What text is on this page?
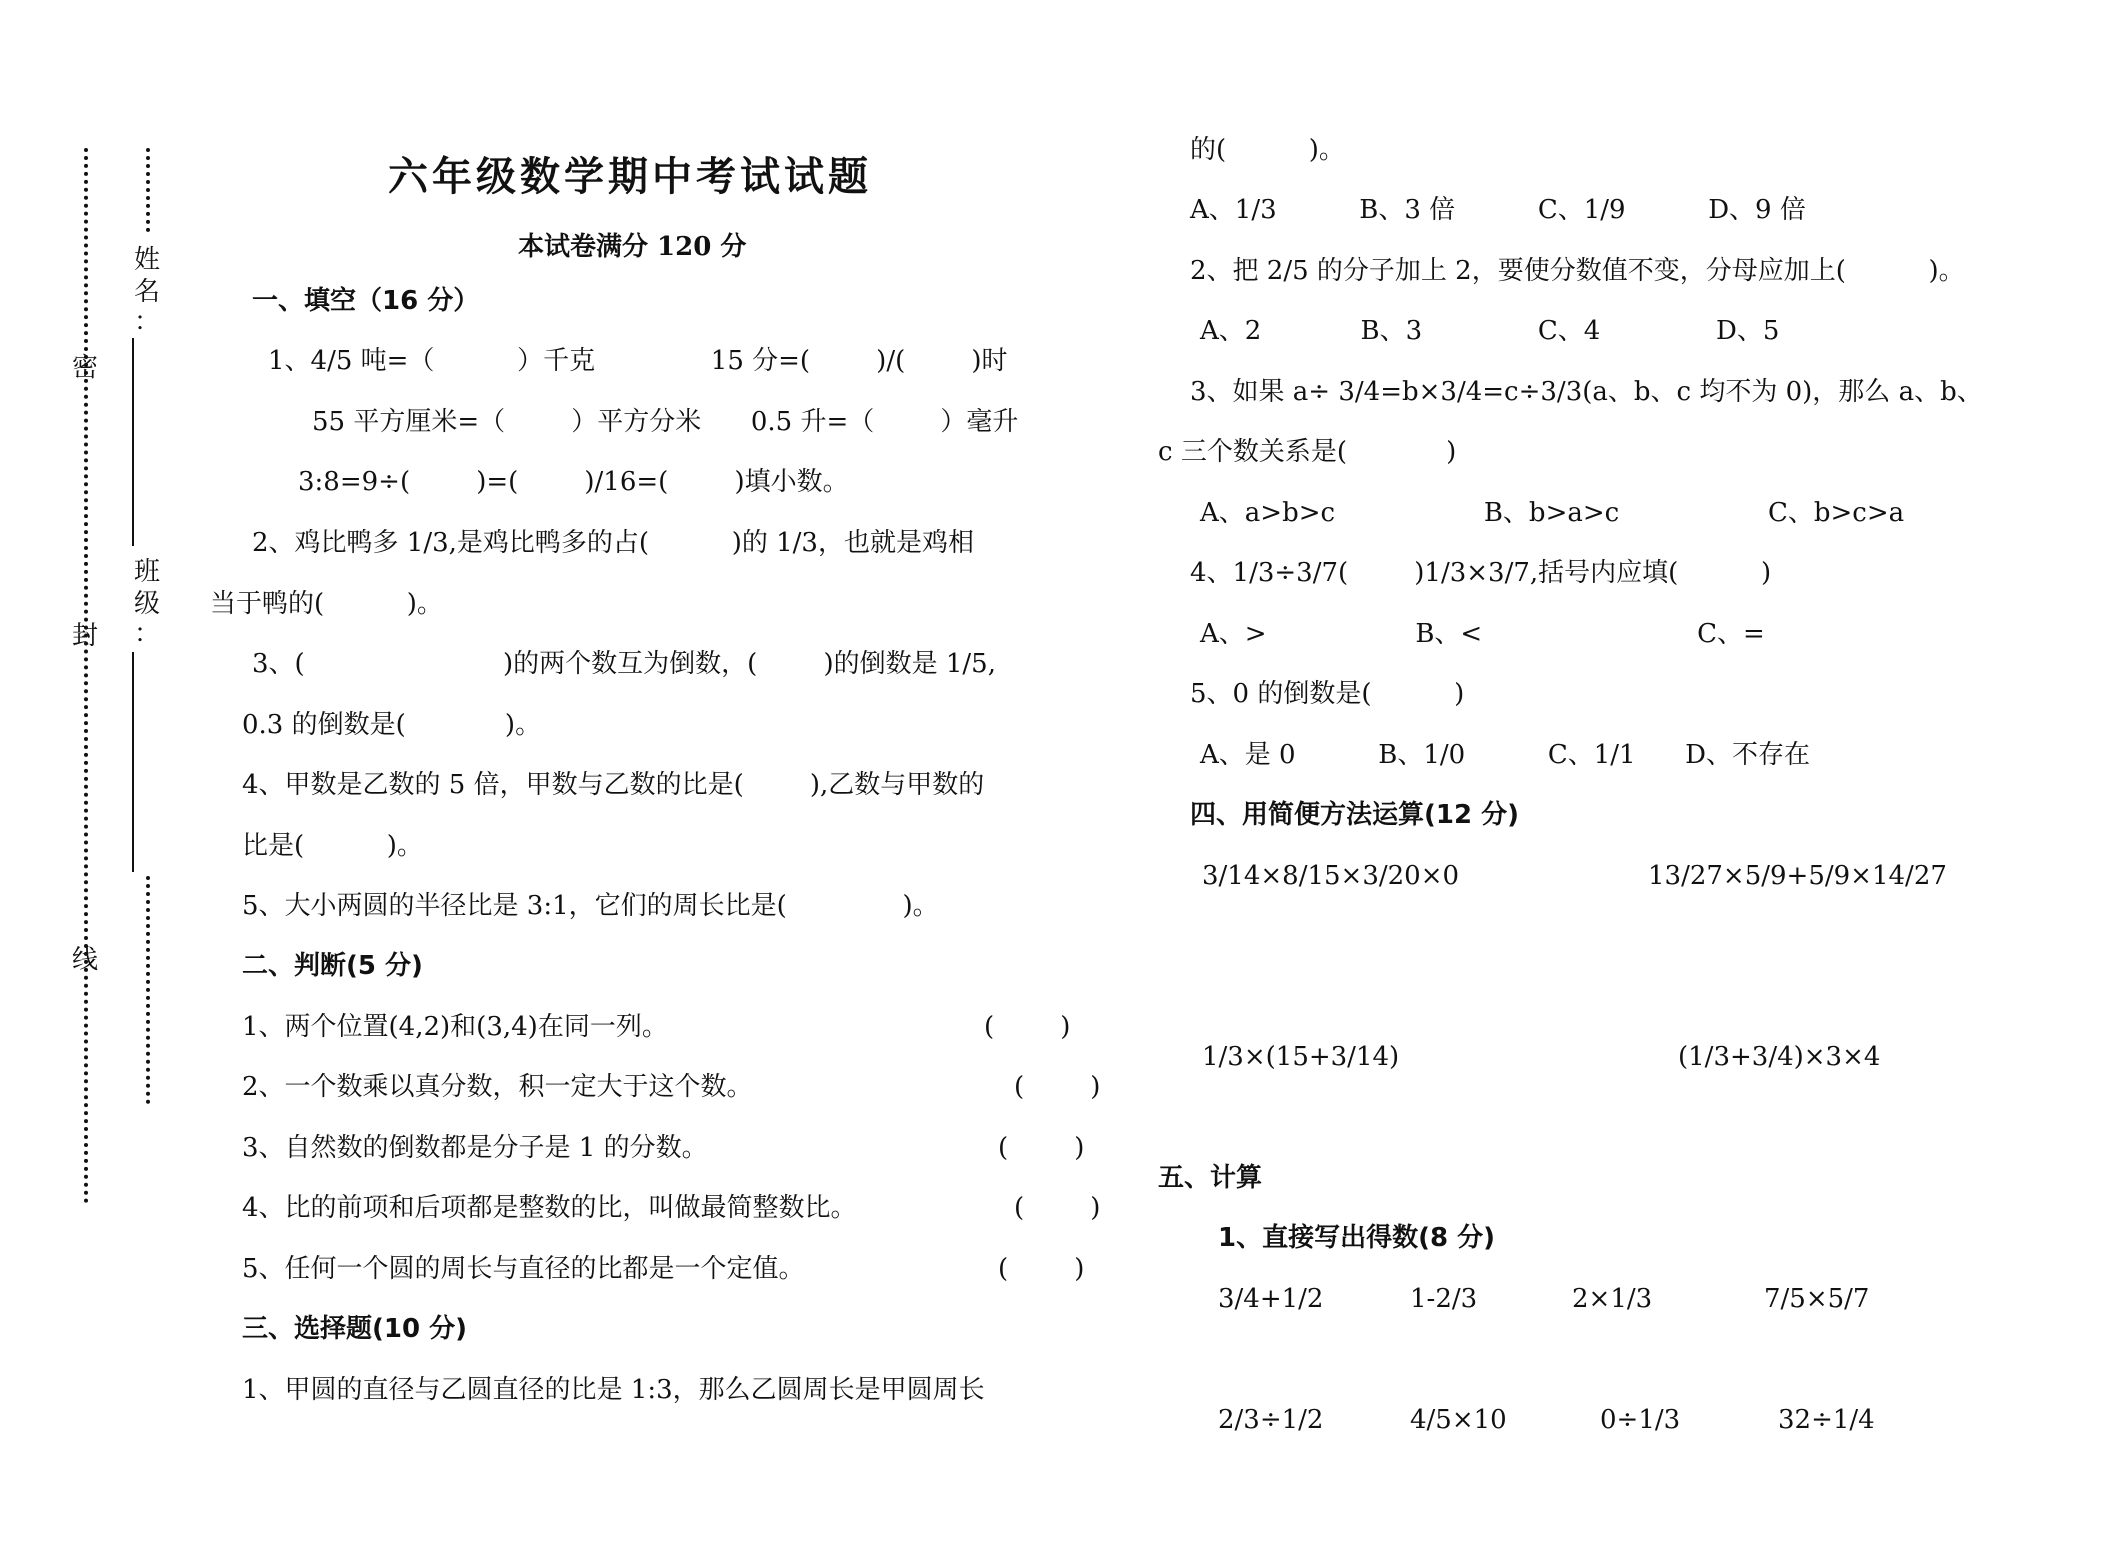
密
封
线
姓
名
：
班
级
：
六年级数学期中考试试题
本试卷满分 120 分
一、填空（16 分）
1、4/5 吨=（          ）千克              15 分=(        )/(        )时
55 平方厘米=（        ）平方分米      0.5 升=（        ）毫升
3:8=9÷(        )=(        )/16=(        )填小数。
2、鸡比鸭多 1/3,是鸡比鸭多的占(          )的 1/3，也就是鸡相
当于鸭的(          )。
3、(                        )的两个数互为倒数，(        )的倒数是 1/5,
0.3 的倒数是(            )。
4、甲数是乙数的 5 倍，甲数与乙数的比是(        ),乙数与甲数的
比是(          )。
5、大小两圆的半径比是 3:1，它们的周长比是(              )。
二、判断(5 分)
1、两个位置(4,2)和(3,4)在同一列。	(        )
2、一个数乘以真分数，积一定大于这个数。	(        )
3、自然数的倒数都是分子是 1 的分数。	(        )
4、比的前项和后项都是整数的比，叫做最简整数比。	(        )
5、任何一个圆的周长与直径的比都是一个定值。	(        )
三、选择题(10 分)
1、甲圆的直径与乙圆直径的比是 1:3，那么乙圆周长是甲圆周长
的(          )。
A、1/3          B、3 倍          C、1/9          D、9 倍
2、把 2/5 的分子加上 2，要使分数值不变，分母应加上(          )。
A、2            B、3              C、4              D、5
3、如果 a÷ 3/4=b×3/4=c÷3/3(a、b、c 均不为 0)，那么 a、b、
c 三个数关系是(            )
A、a>b>c                  B、b>a>c                  C、b>c>a
4、1/3÷3/7(        )1/3×3/7,括号内应填(          )
A、>                  B、<                          C、=
5、0 的倒数是(          )
A、是 0          B、1/0          C、1/1      D、不存在
四、用简便方法运算(12 分)
3/14×8/15×3/20×0	13/27×5/9+5/9×14/27
1/3×(15+3/14)	(1/3+3/4)×3×4
五、计算
1、直接写出得数(8 分)
3/4+1/2	1-2/3	2×1/3	7/5×5/7
2/3÷1/2	4/5×10	0÷1/3	32÷1/4
